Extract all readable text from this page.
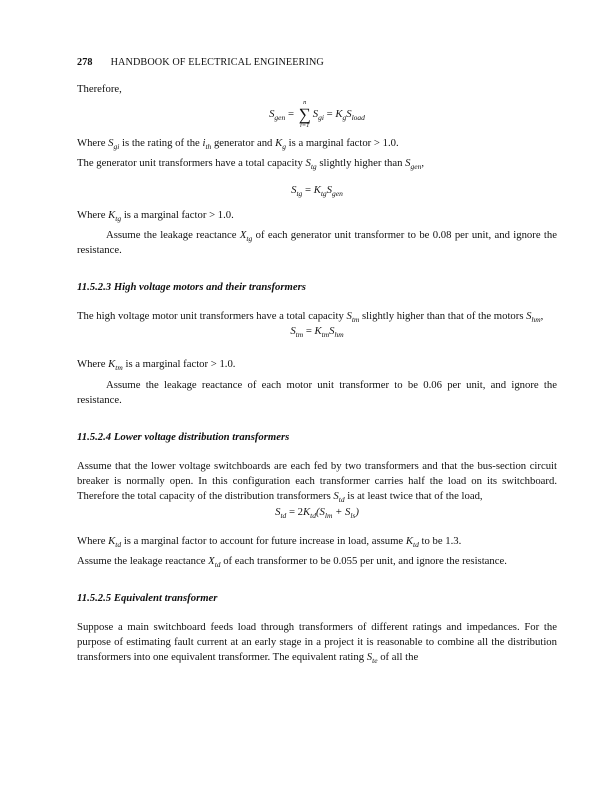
278 HANDBOOK OF ELECTRICAL ENGINEERING

Therefore,

$S_{gen}$ =
n
∑
i=1
$S_{gi} = K_gS_{load}$

Where $S_{gi}$ is the rating of the $i_{th}$ generator and $K_g$ is a marginal factor > 1.0.

The generator unit transformers have a total capacity $S_{tg}$ slightly higher than $S_{gen}$,

$S_{tg} = K_{tg}S_{gen}$

Where $K_{tg}$ is a marginal factor > 1.0.

Assume the leakage reactance $X_{tg}$ of each generator unit transformer to be 0.08 per unit, and ignore the resistance.

11.5.2.3 High voltage motors and their transformers

The high voltage motor unit transformers have a total capacity $S_{tm}$ slightly higher than that of the motors $S_{hm}$,

$S_{tm} = K_{tm}S_{hm}$

Where $K_{tm}$ is a marginal factor > 1.0.

Assume the leakage reactance of each motor unit transformer to be 0.06 per unit, and ignore the resistance.

11.5.2.4 Lower voltage distribution transformers

Assume that the lower voltage switchboards are each fed by two transformers and that the bus-section circuit breaker is normally open. In this configuration each transformer carries half the load on its switchboard. Therefore the total capacity of the distribution transformers $S_{td}$ is at least twice that of the load,

$S_{td} = 2K_{td}(S_{lm} + S_{ls})$

Where $K_{td}$ is a marginal factor to account for future increase in load, assume $K_{td}$ to be 1.3.

Assume the leakage reactance $X_{td}$ of each transformer to be 0.055 per unit, and ignore the resistance.

11.5.2.5 Equivalent transformer

Suppose a main switchboard feeds load through transformers of different ratings and impedances. For the purpose of estimating fault current at an early stage in a project it is reasonable to combine all the distribution transformers into one equivalent transformer. The equivalent rating $S_{te}$ of all the
